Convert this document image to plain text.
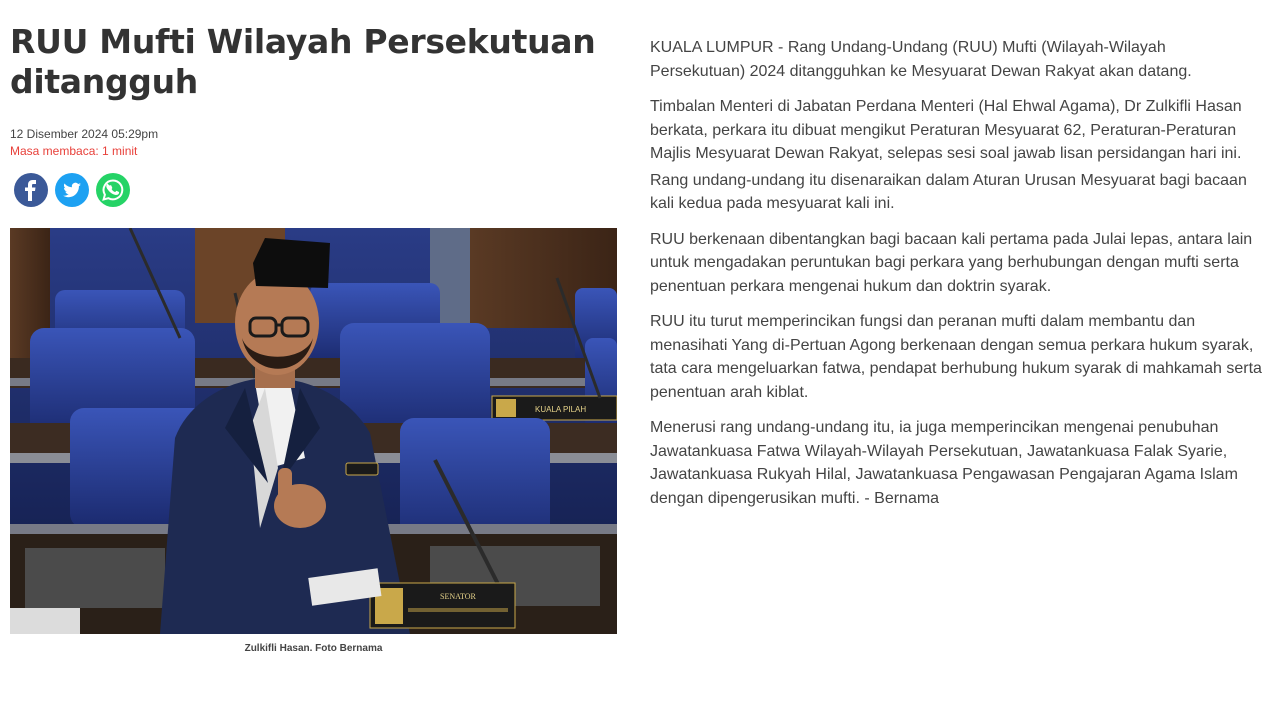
RUU Mufti Wilayah Persekutuan ditangguh
12 Disember 2024 05:29pm
Masa membaca: 1 minit
KUALA PILAH
SENATOR
Zulkifli Hasan. Foto Bernama

KUALA LUMPUR - Rang Undang-Undang (RUU) Mufti (Wilayah-Wilayah Persekutuan) 2024 ditangguhkan ke Mesyuarat Dewan Rakyat akan datang.

Timbalan Menteri di Jabatan Perdana Menteri (Hal Ehwal Agama), Dr Zulkifli Hasan berkata, perkara itu dibuat mengikut Peraturan Mesyuarat 62, Peraturan-Peraturan Majlis Mesyuarat Dewan Rakyat, selepas sesi soal jawab lisan persidangan hari ini.

Rang undang-undang itu disenaraikan dalam Aturan Urusan Mesyuarat bagi bacaan kali kedua pada mesyuarat kali ini.

RUU berkenaan dibentangkan bagi bacaan kali pertama pada Julai lepas, antara lain untuk mengadakan peruntukan bagi perkara yang berhubungan dengan mufti serta penentuan perkara mengenai hukum dan doktrin syarak.

RUU itu turut memperincikan fungsi dan peranan mufti dalam membantu dan menasihati Yang di-Pertuan Agong berkenaan dengan semua perkara hukum syarak, tata cara mengeluarkan fatwa, pendapat berhubung hukum syarak di mahkamah serta penentuan arah kiblat.

Menerusi rang undang-undang itu, ia juga memperincikan mengenai penubuhan Jawatankuasa Fatwa Wilayah-Wilayah Persekutuan, Jawatankuasa Falak Syarie, Jawatankuasa Rukyah Hilal, Jawatankuasa Pengawasan Pengajaran Agama Islam dengan dipengerusikan mufti. - Bernama
